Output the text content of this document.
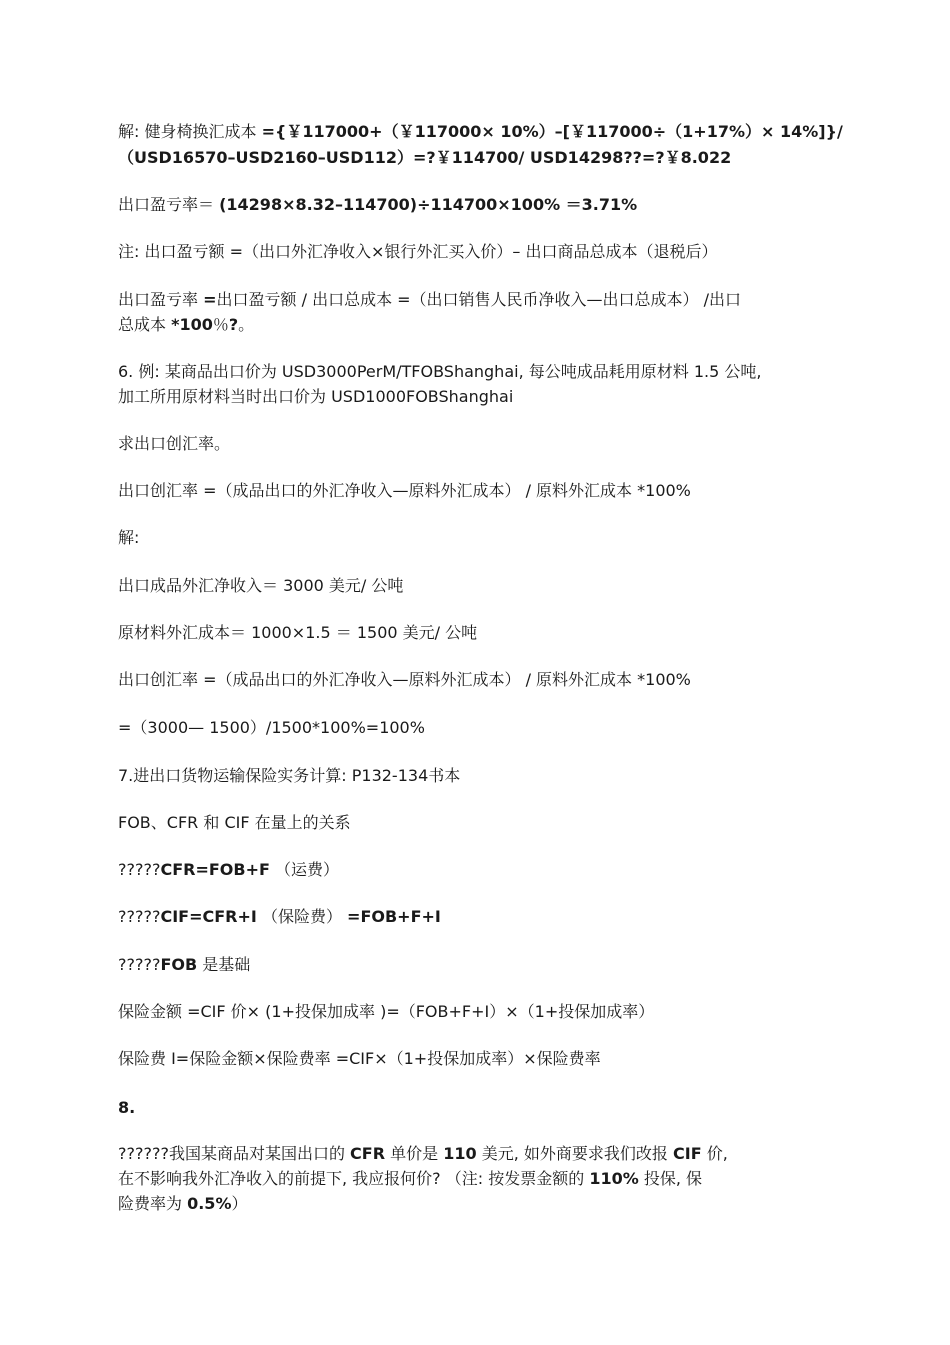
解: 健身椅换汇成本 ={￥117000+（￥117000× 10%）–[￥117000÷（1+17%）× 14%]}/
（USD16570–USD2160–USD112）=?￥114700/ USD14298??=?￥8.022
出口盈亏率＝ (14298×8.32–114700)÷114700×100% ＝3.71%
注: 出口盈亏额 =（出口外汇净收入×银行外汇买入价）– 出口商品总成本（退税后）
出口盈亏率 =出口盈亏额 / 出口总成本 =（出口销售人民币净收入—出口总成本） /出口
总成本 *100％?。
6. 例: 某商品出口价为 USD3000PerM/TFOBShanghai, 每公吨成品耗用原材料 1.5 公吨,
加工所用原材料当时出口价为 USD1000FOBShanghai
求出口创汇率。
出口创汇率 =（成品出口的外汇净收入—原料外汇成本） / 原料外汇成本 *100%
解:
出口成品外汇净收入＝ 3000 美元/ 公吨
原材料外汇成本＝ 1000×1.5 ＝ 1500 美元/ 公吨
出口创汇率 =（成品出口的外汇净收入—原料外汇成本） / 原料外汇成本 *100%
=（3000— 1500）/1500*100%=100%
7.进出口货物运输保险实务计算: P132-134书本
FOB、CFR 和 CIF 在量上的关系
?????CFR=FOB+F （运费）
?????CIF=CFR+I （保险费） =FOB+F+I
?????FOB 是基础
保险金额 =CIF 价× (1+投保加成率 )=（FOB+F+I）×（1+投保加成率）
保险费 I=保险金额×保险费率 =CIF×（1+投保加成率）×保险费率
8.
??????我国某商品对某国出口的 CFR 单价是 110 美元, 如外商要求我们改报 CIF 价,
在不影响我外汇净收入的前提下, 我应报何价? （注: 按发票金额的 110% 投保, 保
险费率为 0.5%）
